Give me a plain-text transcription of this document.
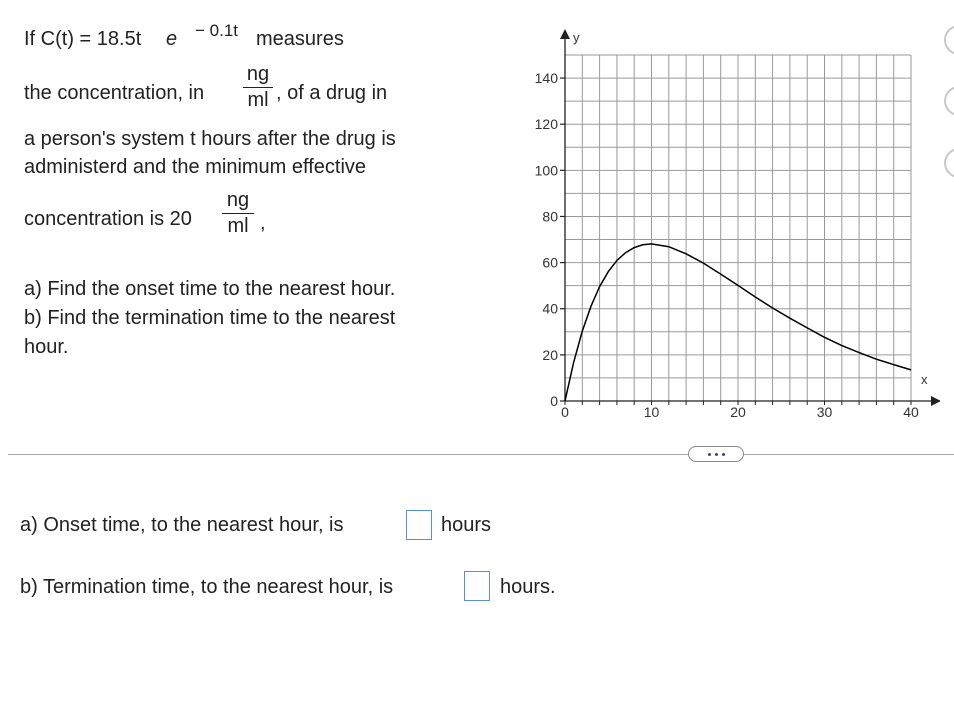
If C(t) = 18.5t e − 0.1t measures
the concentration, in
ng
ml , of a drug in
a person's system t hours after the drug is
administerd and the minimum effective
concentration is 20
ng
ml ,
a) Find the onset time to the nearest hour.
b) Find the termination time to the nearest
hour.
x
y
0
20
40
60
80
100
120
140
0	10	20	30	40
a) Onset time, to the nearest hour, is	hours
b) Termination time, to the nearest hour, is	hours.
